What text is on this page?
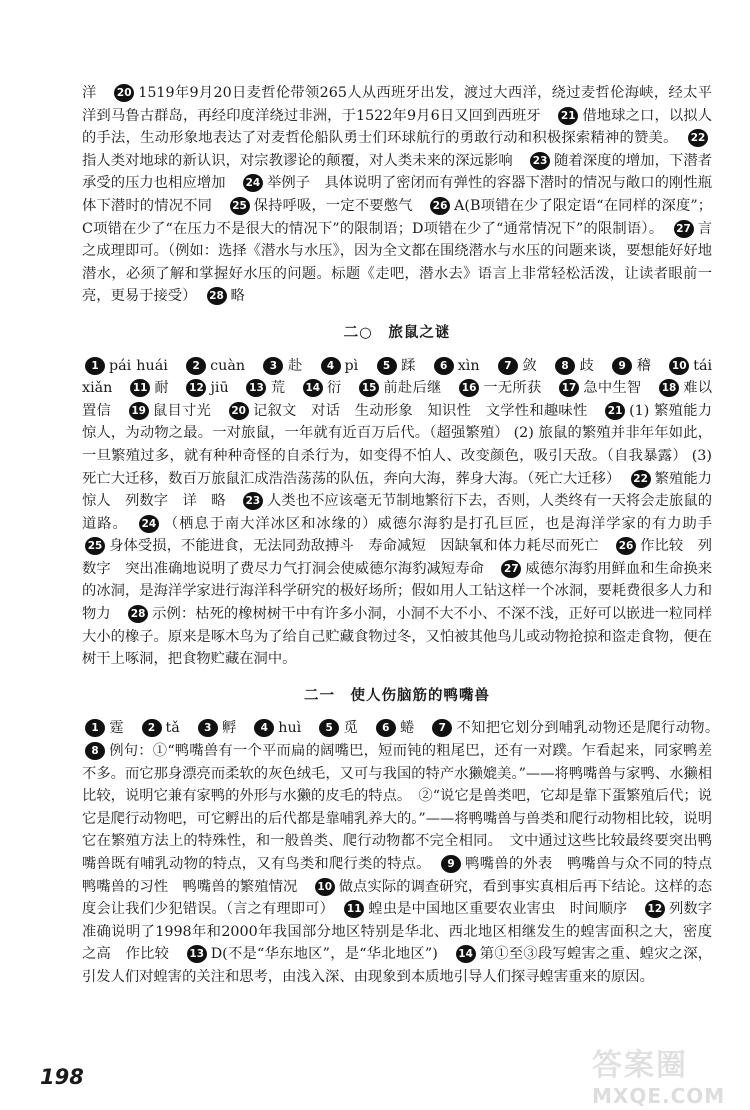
洋　 20 1519年9月20日麦哲伦带领265人从西班牙出发，渡过大西洋，绕过麦哲伦海峡，经太平洋到马鲁古群岛，再经印度洋绕过非洲，于1522年9月6日又回到西班牙　 21 借地球之口，以拟人的手法，生动形象地表达了对麦哲伦船队勇士们环球航行的勇敢行动和积极探索精神的赞美。　 22指人类对地球的新认识，对宗教谬论的颠覆，对人类未来的深远影响　 23 随着深度的增加，下潜者承受的压力也相应增加　 24 举例子　具体说明了密闭而有弹性的容器下潜时的情况与敞口的刚性瓶体下潜时的情况不同　 25 保持呼吸，一定不要憋气　 26 A(B项错在少了限定语“在同样的深度”；C项错在少了“在压力不是很大的情况下”的限制语；D项错在少了“通常情况下”的限制语）。　 27 言之成理即可。（例如：选择《潜水与水压》，因为全文都在围绕潜水与水压的问题来谈，要想能好好地潜水，必须了解和掌握好水压的问题。标题《走吧，潜水去》语言上非常轻松活泼，让读者眼前一亮，更易于接受）　 28 略　

二○　旅鼠之谜

1 pái huái　 2 cuàn　 3 赴　 4 pì　 5 蹂　 6 xìn　 7 敛　 8 歧　 9 稽　 10 tái xiǎn　 11 耐　 12 jiū　 13 荒　 14 衍　 15 前赴后继　 16 一无所获　 17 急中生智　 18 难以置信　 19 鼠目寸光　 20 记叙文　对话　生动形象　知识性　文学性和趣味性　 21 (1) 繁殖能力惊人，为动物之最。一对旅鼠，一年就有近百万后代。（超强繁殖） (2) 旅鼠的繁殖并非年年如此，一旦繁殖过多，就有种种奇怪的自杀行为，如变得不怕人、改变颜色，吸引天敌。（自我暴露） (3) 死亡大迁移，数百万旅鼠汇成浩浩荡荡的队伍，奔向大海，葬身大海。（死亡大迁移）　 22 繁殖能力惊人　列数字　详　略　 23 人类也不应该毫无节制地繁衍下去，否则，人类终有一天将会走旅鼠的道路。　 24 （栖息于南大洋冰区和冰缘的）威德尔海豹是打孔巨匠，也是海洋学家的有力助手　25 身体受损，不能进食，无法同劲敌搏斗　寿命减短　因缺氧和体力耗尽而死亡　 26 作比较　列数字　突出准确地说明了费尽力气打洞会使威德尔海豹减短寿命　 27 威德尔海豹用鲜血和生命换来的冰洞，是海洋学家进行海洋科学研究的极好场所；假如用人工钻这样一个冰洞，要耗费很多人力和物力　 28 示例：枯死的橡树树干中有许多小洞，小洞不大不小、不深不浅，正好可以嵌进一粒同样大小的橡子。原来是啄木鸟为了给自己贮藏食物过冬，又怕被其他鸟儿或动物抢掠和盗走食物，便在树干上啄洞，把食物贮藏在洞中。　

二一　使人伤脑筋的鸭嘴兽

1 霆　 2 tǎ　 3 孵　 4 huì　 5 觅　 6 蜷　 7 不知把它划分到哺乳动物还是爬行动物。　8 例句：①“鸭嘴兽有一个平而扁的阔嘴巴，短而钝的粗尾巴，还有一对蹼。乍看起来，同家鸭差不多。而它那身漂亮而柔软的灰色绒毛，又可与我国的特产水獭媲美。”——将鸭嘴兽与家鸭、水獭相比较，说明它兼有家鸭的外形与水獭的皮毛的特点。　②“说它是兽类吧，它却是靠下蛋繁殖后代；说它是爬行动物吧，可它孵出的后代都是靠哺乳养大的。”——将鸭嘴兽与兽类和爬行动物相比较，说明它在繁殖方法上的特殊性，和一般兽类、爬行动物都不完全相同。　文中通过这些比较最终要突出鸭嘴兽既有哺乳动物的特点，又有鸟类和爬行类的特点。　 9 鸭嘴兽的外表　鸭嘴兽与众不同的特点　鸭嘴兽的习性　鸭嘴兽的繁殖情况　 10 做点实际的调查研究，看到事实真相后再下结论。这样的态度会让我们少犯错误。（言之有理即可）　 11 蝗虫是中国地区重要农业害虫　时间顺序　 12 列数字　准确说明了1998年和2000年我国部分地区特别是华北、西北地区相继发生的蝗害面积之大，密度之高　作比较　 13 D(不是“华东地区”，是“华北地区”)　 14 第①至③段写蝗害之重、蝗灾之深，引发人们对蝗害的关注和思考，由浅入深、由现象到本质地引导人们探寻蝗害重来的原因。　

198	答案圈
MXQE.COM
